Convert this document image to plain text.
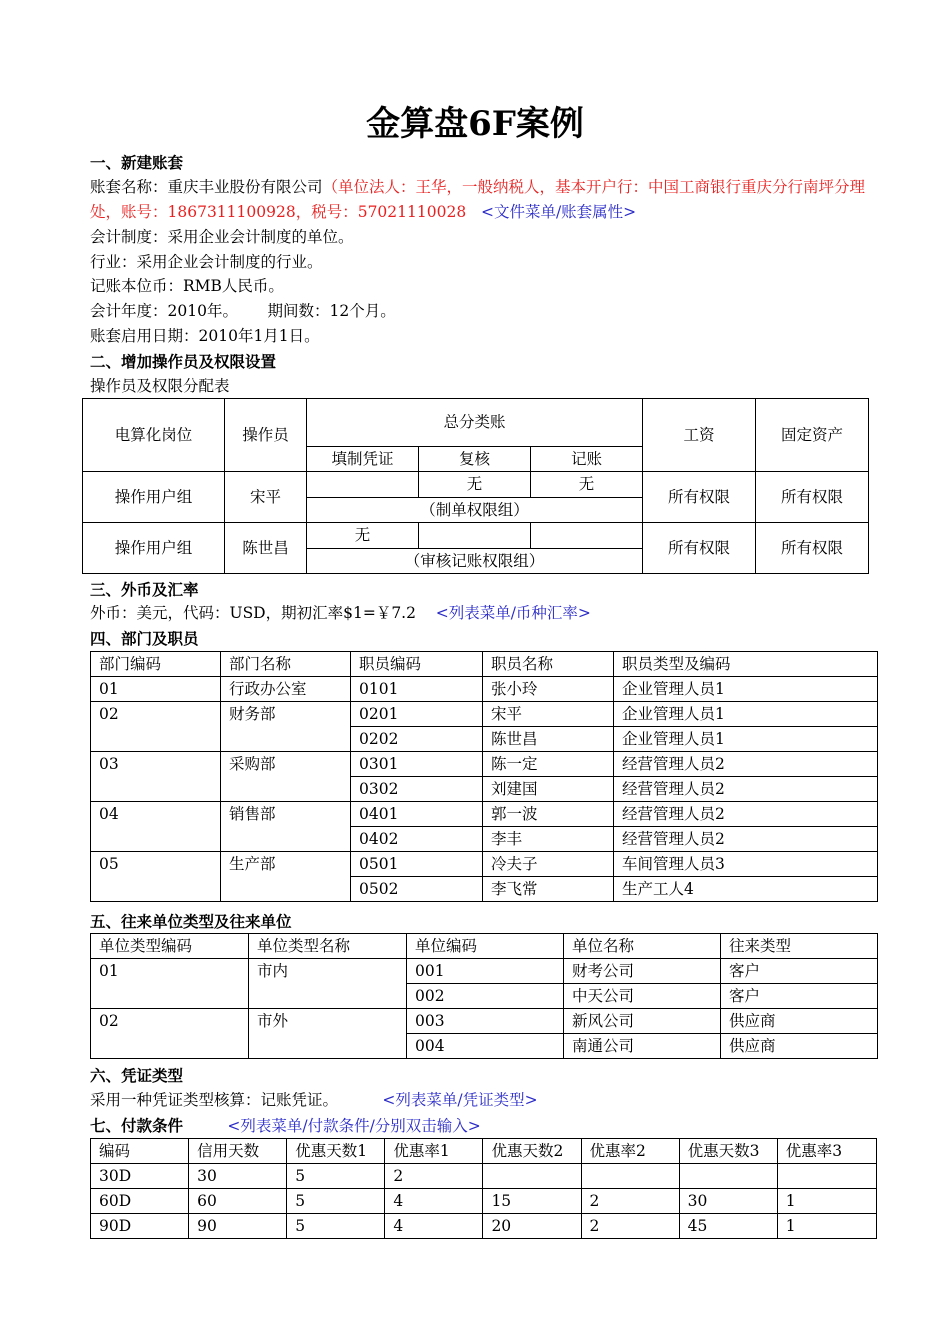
金算盘6F案例
一、新建账套
账套名称：重庆丰业股份有限公司（单位法人：王华，一般纳税人，基本开户行：中国工商银行重庆分行南坪分理处，账号：1867311100928，税号：57021110028 <文件菜单/账套属性>
会计制度：采用企业会计制度的单位。
行业：采用企业会计制度的行业。
记账本位币：RMB人民币。
会计年度：2010年。 期间数：12个月。
账套启用日期：2010年1月1日。
二、增加操作员及权限设置
操作员及权限分配表
电算化岗位	操作员	总分类账			工资	固定资产
		填制凭证	复核	记账		
操作用户组	宋平		无	无	所有权限	所有权限
		（制单权限组）				
操作用户组	陈世昌	无			所有权限	所有权限
		（审核记账权限组）				
三、外币及汇率
外币：美元，代码：USD，期初汇率$1=￥7.2 <列表菜单/币种汇率>
四、部门及职员
部门编码	部门名称	职员编码	职员名称	职员类型及编码
01	行政办公室	0101	张小玲	企业管理人员1
02	财务部	0201	宋平	企业管理人员1
		0202	陈世昌	企业管理人员1
03	采购部	0301	陈一定	经营管理人员2
		0302	刘建国	经营管理人员2
04	销售部	0401	郭一波	经营管理人员2
		0402	李丰	经营管理人员2
05	生产部	0501	冷夫子	车间管理人员3
		0502	李飞常	生产工人4
五、往来单位类型及往来单位
单位类型编码	单位类型名称	单位编码	单位名称	往来类型
01	市内	001	财考公司	客户
		002	中天公司	客户
02	市外	003	新风公司	供应商
		004	南通公司	供应商
六、凭证类型
采用一种凭证类型核算：记账凭证。	<列表菜单/凭证类型>
七、付款条件	<列表菜单/付款条件/分别双击输入>
编码	信用天数	优惠天数1	优惠率1	优惠天数2	优惠率2	优惠天数3	优惠率3
30D	30	5	2				
60D	60	5	4	15	2	30	1
90D	90	5	4	20	2	45	1
